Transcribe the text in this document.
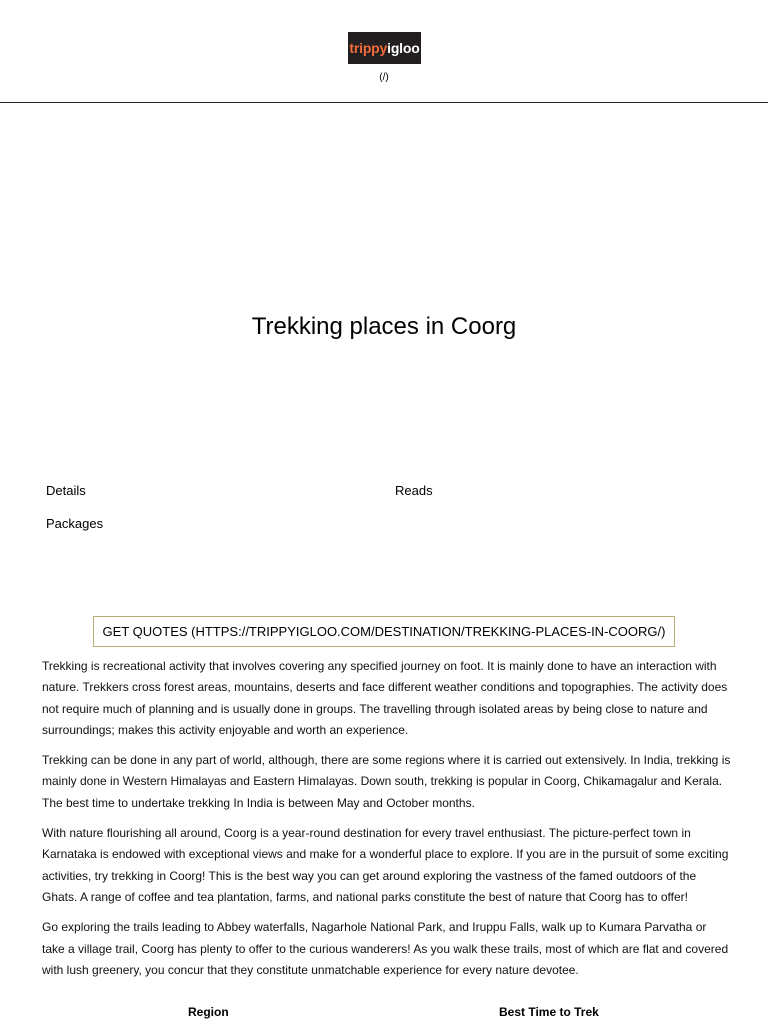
trippy igloo
(/)
Trekking places in Coorg
Details	Reads
Packages
GET QUOTES (HTTPS://TRIPPYIGLOO.COM/DESTINATION/TREKKING-PLACES-IN-COORG/)

Trekking is recreational activity that involves covering any specified journey on foot. It is mainly done to have an interaction with nature. Trekkers cross forest areas, mountains, deserts and face different weather conditions and topographies. The activity does not require much of planning and is usually done in groups. The travelling through isolated areas by being close to nature and surroundings; makes this activity enjoyable and worth an experience.

Trekking can be done in any part of world, although, there are some regions where it is carried out extensively. In India, trekking is mainly done in Western Himalayas and Eastern Himalayas. Down south, trekking is popular in Coorg, Chikamagalur and Kerala. The best time to undertake trekking In India is between May and October months.

With nature flourishing all around, Coorg is a year-round destination for every travel enthusiast. The picture-perfect town in Karnataka is endowed with exceptional views and make for a wonderful place to explore. If you are in the pursuit of some exciting activities, try trekking in Coorg! This is the best way you can get around exploring the vastness of the famed outdoors of the Ghats. A range of coffee and tea plantation, farms, and national parks constitute the best of nature that Coorg has to offer!

Go exploring the trails leading to Abbey waterfalls, Nagarhole National Park, and Iruppu Falls, walk up to Kumara Parvatha or take a village trail, Coorg has plenty to offer to the curious wanderers! As you walk these trails, most of which are flat and covered with lush greenery, you concur that they constitute unmatchable experience for every nature devotee.

Region	Best Time to Trek
